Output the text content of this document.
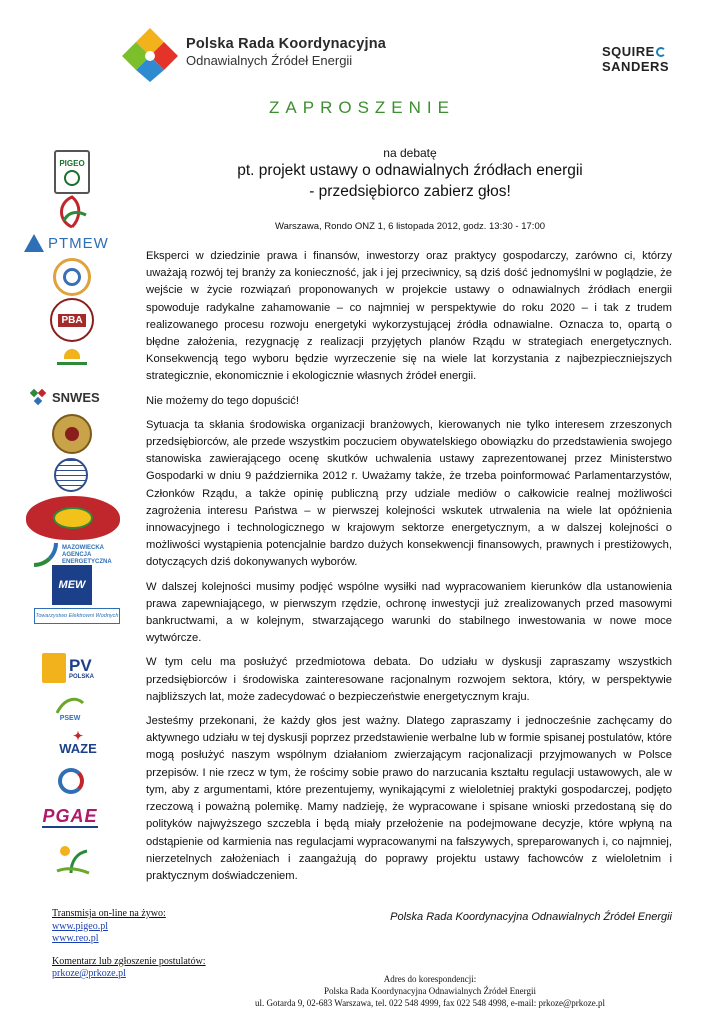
Polska Rada Koordynacyjna
Odnawialnych Źródeł Energii
SQUIRE
SANDERS
ZAPROSZENIE
na debatę
pt. projekt ustawy o odnawialnych źródłach energii
- przedsiębiorco zabierz głos!
Warszawa, Rondo ONZ 1, 6 listopada 2012, godz. 13:30 - 17:00
PIGEO
PTMEW
PBA
SNWES
MAZOWIECKA
AGENCJA
ENERGETYCZNA
MEW
Towarzystwo Elektrowni Wodnych
PV
POLSKA
PSEW
✦
WAZE
PGAE

Eksperci w dziedzinie prawa i finansów, inwestorzy oraz praktycy gospodarczy, zarówno ci, którzy uważają rozwój tej branży za konieczność, jak i jej przeciwnicy, są dziś dość jednomyślni w poglądzie, że wejście w życie rozwiązań proponowanych w projekcie ustawy o odnawialnych źródłach energii spowoduje radykalne zahamowanie – co najmniej w perspektywie do roku 2020 – i tak z trudem realizowanego procesu rozwoju energetyki wykorzystującej źródła odnawialne. Oznacza to, opartą o błędne założenia, rezygnację z realizacji przyjętych planów Rządu w strategiach energetycznych. Konsekwencją tego wyboru będzie wyrzeczenie się na wiele lat korzystania z najbezpieczniejszych strategicznie, ekonomicznie i ekologicznie własnych źródeł energii.

Nie możemy do tego dopuścić!

Sytuacja ta skłania środowiska organizacji branżowych, kierowanych nie tylko interesem zrzeszonych przedsiębiorców, ale przede wszystkim poczuciem obywatelskiego obowiązku do przedstawienia swojego stanowiska zawierającego ocenę skutków uchwalenia ustawy zaprezentowanej przez Ministerstwo Gospodarki w dniu 9 października 2012 r. Uważamy także, że trzeba poinformować Parlamentarzystów, Członków Rządu, a także opinię publiczną przy udziale mediów o całkowicie realnej możliwości zagrożenia interesu Państwa – w pierwszej kolejności wskutek utrwalenia na wiele lat opóźnienia innowacyjnego i technologicznego w krajowym sektorze energetycznym, a w dalszej kolejności o możliwości wystąpienia potencjalnie bardzo dużych konsekwencji finansowych, prawnych i prestiżowych, dotyczących dziś dokonywanych wyborów.

W dalszej kolejności musimy podjęć wspólne wysiłki nad wypracowaniem kierunków dla ustanowienia prawa zapewniającego, w pierwszym rzędzie, ochronę inwestycji już zrealizowanych przed masowymi bankructwami, a w kolejnym, stwarzającego warunki do stabilnego inwestowania w nowe moce wytwórcze.

W tym celu ma posłużyć przedmiotowa debata. Do udziału w dyskusji zapraszamy wszystkich przedsiębiorców i środowiska zainteresowane racjonalnym rozwojem sektora, który, w perspektywie najbliższych lat, może zadecydować o bezpieczeństwie energetycznym kraju.

Jesteśmy przekonani, że każdy głos jest ważny. Dlatego zapraszamy i jednocześnie zachęcamy do aktywnego udziału w tej dyskusji poprzez przedstawienie werbalne lub w formie spisanej postulatów, które mogą posłużyć naszym wspólnym działaniom zwierzającym racjonalizacji przyjmowanych w Polsce przepisów. I nie rzecz w tym, że rościmy sobie prawo do narzucania kształtu regulacji ustawowych, ale w tym, aby z argumentami, które prezentujemy, wynikającymi z wieloletniej praktyki gospodarczej, podjęto rzeczową i poważną polemikę. Mamy nadzieję, że wypracowane i spisane wnioski przedostaną się do polityków najwyższego szczebla i będą miały przełożenie na podejmowane decyzje, które wpłyną na odstąpienie od karmienia nas regulacjami wypracowanymi na fałszywych, spreparowanych i, co najmniej, nierzetelnych założeniach i zaangażują do poprawy projektu ustawy fachowców z wieloletnim i praktycznym doświadczeniem.

Polska Rada Koordynacyjna Odnawialnych Źródeł Energii
Transmisja on-line na żywo:
www.pigeo.pl
www.reo.pl
Komentarz lub zgłoszenie postulatów:
prkoze@prkoze.pl	Adres do korespondencji:
Polska Rada Koordynacyjna Odnawialnych Źródeł Energii
ul. Gotarda 9, 02-683 Warszawa, tel. 022 548 4999, fax 022 548 4998, e-mail: prkoze@prkoze.pl
